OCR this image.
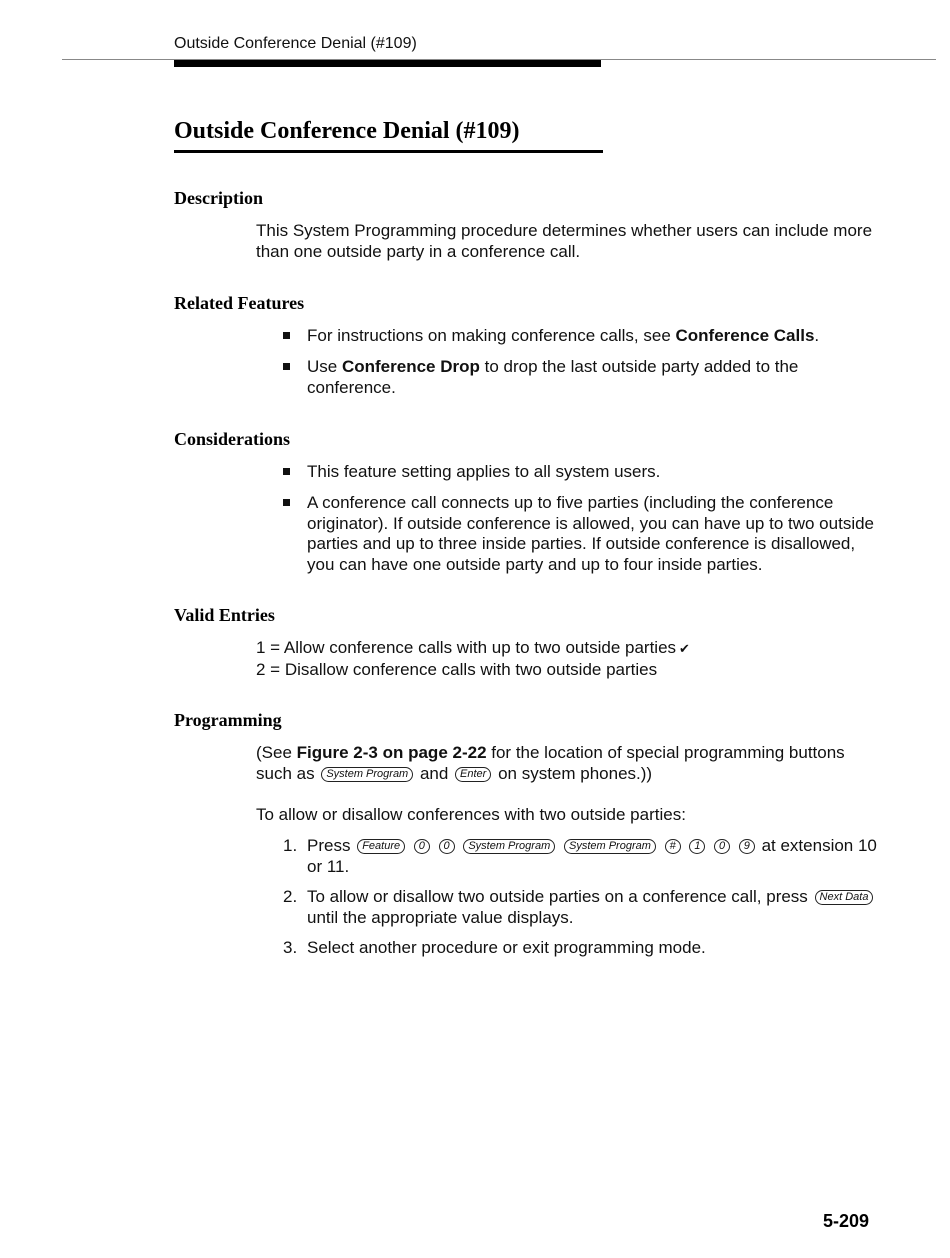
Outside Conference Denial (#109)
Outside Conference Denial (#109)
Description

This System Programming procedure determines whether users can include more than one outside party in a conference call.

Related Features
For instructions on making conference calls, see Conference Calls.
Use Conference Drop to drop the last outside party added to the conference.
Considerations
This feature setting applies to all system users.
A conference call connects up to five parties (including the conference originator). If outside conference is allowed, you can have up to two outside parties and up to three inside parties. If outside conference is disallowed, you can have one outside party and up to four inside parties.
Valid Entries
1 = Allow conference calls with up to two outside parties ✔
2 = Disallow conference calls with two outside parties
Programming

(See Figure 2-3 on page 2-22 for the location of special programming buttons such as System Program and Enter on system phones.))

To allow or disallow conferences with two outside parties:

1. Press Feature 0 0 System Program System Program # 1 0 9 at extension 10 or 11.
2. To allow or disallow two outside parties on a conference call, press Next Data until the appropriate value displays.
3. Select another procedure or exit programming mode.
5-209
